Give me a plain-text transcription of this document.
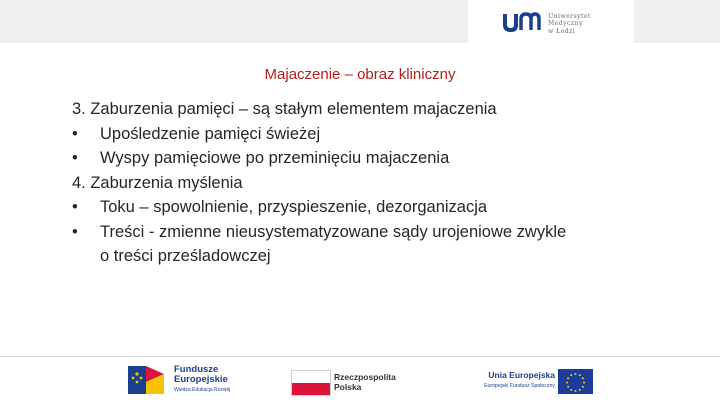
Uniwersytet
Medyczny
w Łodzi
Majaczenie – obraz kliniczny
3. Zaburzenia pamięci – są stałym elementem majaczenia
• Upośledzenie pamięci świeżej
• Wyspy pamięciowe po przeminięciu majaczenia
4. Zaburzenia myślenia
• Toku – spowolnienie, przyspieszenie, dezorganizacja
• Treści - zmienne nieusystematyzowane sądy urojeniowe zwykle
o treści prześladowczej
Fundusze
Europejskie
Wiedza Edukacja Rozwój
Rzeczpospolita
Polska
Unia Europejska
Europejski Fundusz Społeczny
